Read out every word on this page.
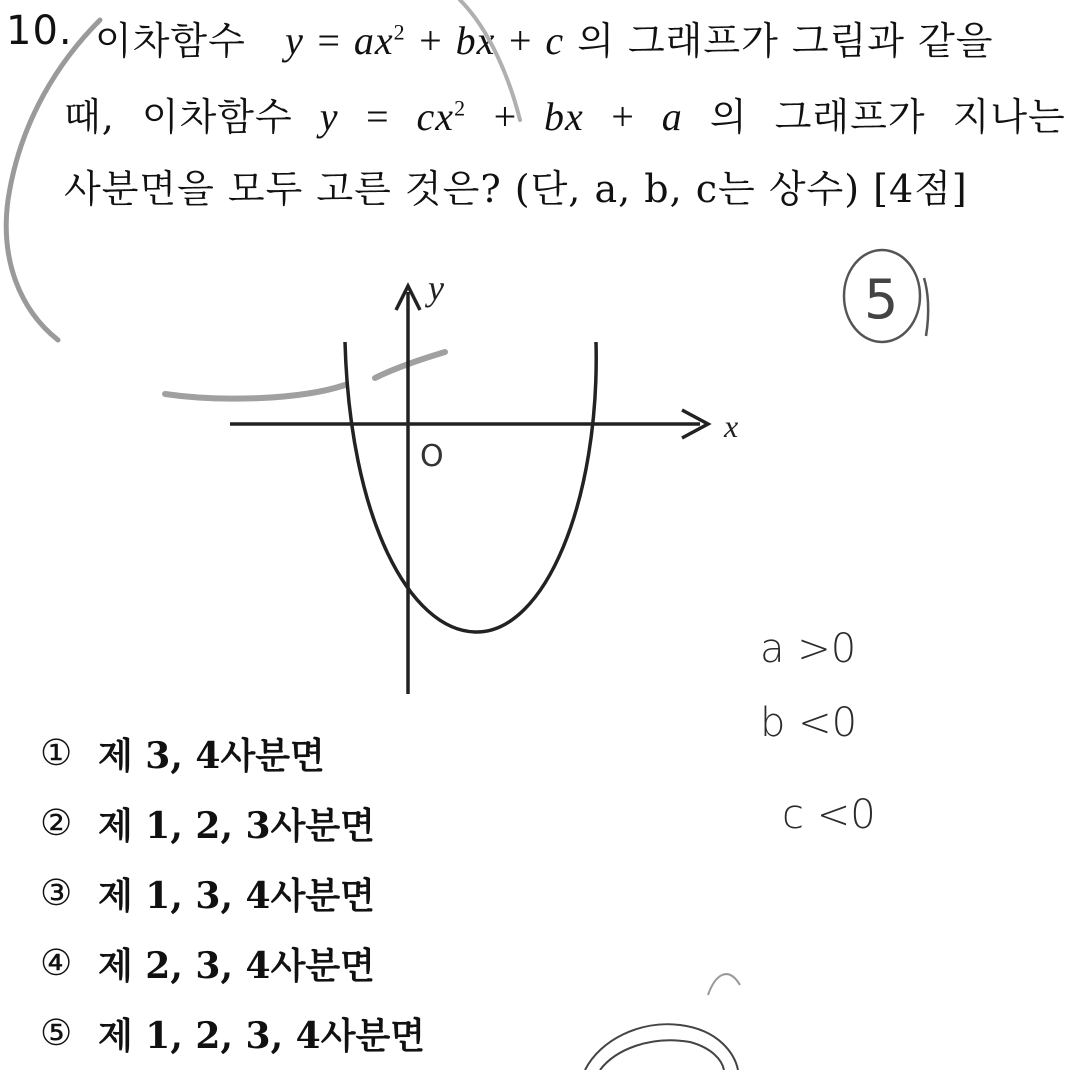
10. 이차함수 $y = ax^2$ + bx + c 의 그래프가 그림과 같을
때, 이차함수 $y = cx^2$ + bx + a 의 그래프가 지나는
사분면을 모두 고른 것은? (단, a, b, c는 상수) [4점]
y
x
O
5
a >0
b <0
c <0
① 제 3, 4사분면
② 제 1, 2, 3사분면
③ 제 1, 3, 4사분면
④ 제 2, 3, 4사분면
⑤ 제 1, 2, 3, 4사분면
